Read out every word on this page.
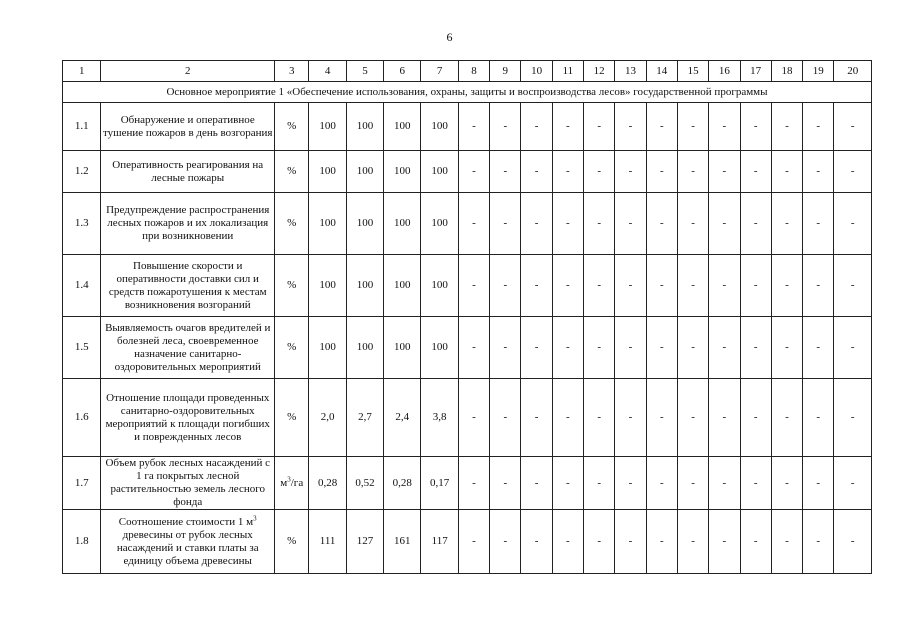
6
1	2	3	4	5	6	7	8	9	10	11	12	13	14	15	16	17	18	19	20
Основное мероприятие 1 «Обеспечение использования, охраны, защиты и воспроизводства лесов» государственной программы																			
1.1	Обнаружение и оперативное тушение пожаров в день возгорания	%	100	100	100	100	-	-	-	-	-	-	-	-	-	-	-	-	-
1.2	Оперативность реагирования на лесные пожары	%	100	100	100	100	-	-	-	-	-	-	-	-	-	-	-	-	-
1.3	Предупреждение распространения лесных пожаров и их локализация при возникновении	%	100	100	100	100	-	-	-	-	-	-	-	-	-	-	-	-	-
1.4	Повышение скорости и оперативности доставки сил и средств пожаротушения к местам возникновения возгораний	%	100	100	100	100	-	-	-	-	-	-	-	-	-	-	-	-	-
1.5	Выявляемость очагов вредителей и болезней леса, своевременное назначение санитарно-оздоровительных мероприятий	%	100	100	100	100	-	-	-	-	-	-	-	-	-	-	-	-	-
1.6	Отношение площади проведенных санитарно-оздоровительных мероприятий к площади погибших и поврежденных лесов	%	2,0	2,7	2,4	3,8	-	-	-	-	-	-	-	-	-	-	-	-	-
1.7	Объем рубок лесных насаждений с 1 га покрытых лесной растительностью земель лесного фонда	$м^3/га$	0,28	0,52	0,28	0,17	-	-	-	-	-	-	-	-	-	-	-	-	-
1.8	Соотношение стоимости 1 $м^3$ древесины от рубок лесных насаждений и ставки платы за единицу объема древесины	%	111	127	161	117	-	-	-	-	-	-	-	-	-	-	-	-	-
